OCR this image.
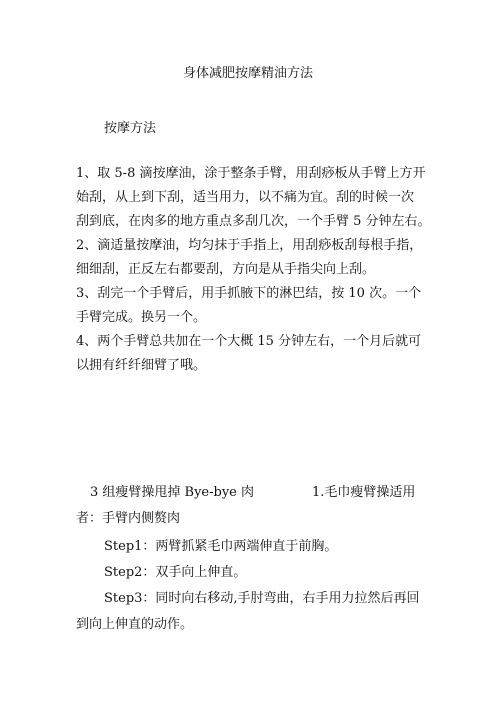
身体减肥按摩精油方法
按摩方法
1、取 5-8 滴按摩油，涂于整条手臂，用刮痧板从手臂上方开
始刮，从上到下刮，适当用力，以不痛为宜。刮的时候一次
刮到底，在肉多的地方重点多刮几次，一个手臂 5 分钟左右。
2、滴适量按摩油，均匀抹于手指上，用刮痧板刮每根手指，
细细刮，正反左右都要刮，方向是从手指尖向上刮。
3、刮完一个手臂后，用手抓腋下的淋巴结，按 10 次。一个
手臂完成。换另一个。
4、两个手臂总共加在一个大概 15 分钟左右，一个月后就可
以拥有纤纤细臂了哦。
3 组瘦臂操甩掉 Bye-bye 肉	1.毛巾瘦臂操适用
者：手臂内侧赘肉
Step1：两臂抓紧毛巾两端伸直于前胸。
Step2：双手向上伸直。
Step3：同时向右移动,手肘弯曲，右手用力拉然后再回
到向上伸直的动作。
